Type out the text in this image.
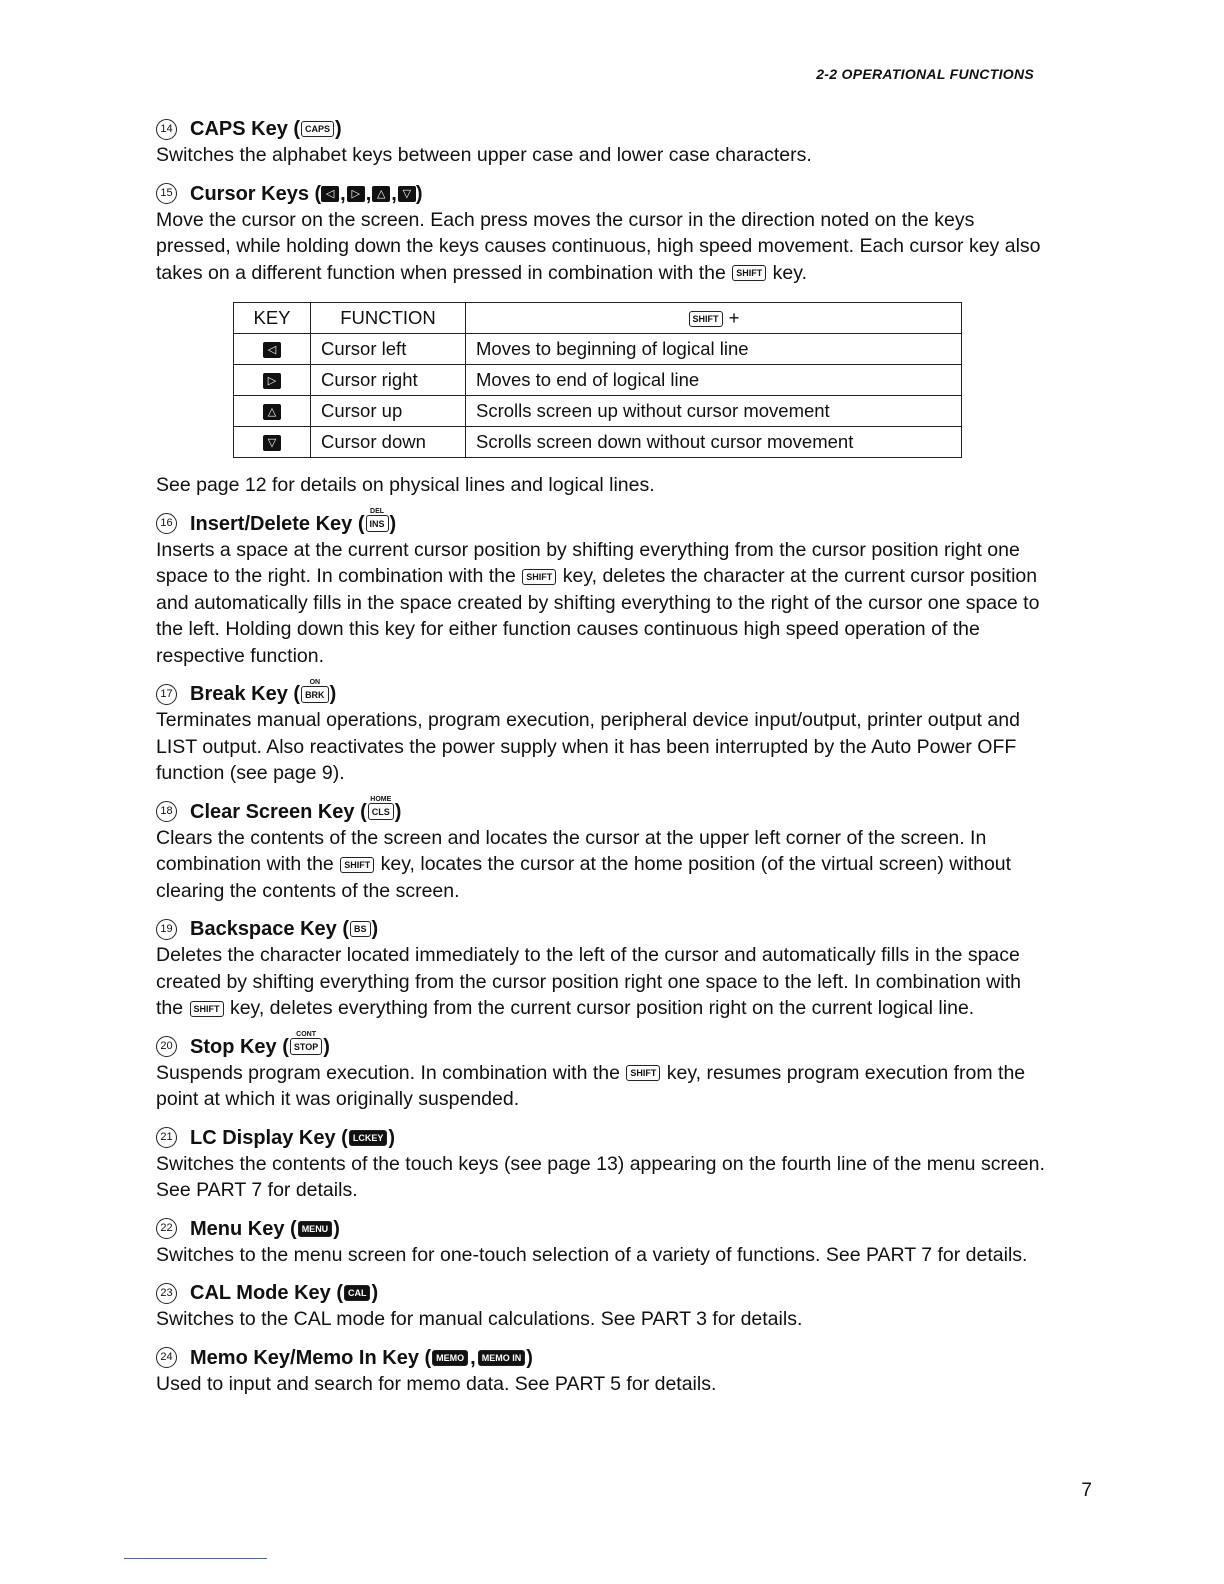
2-2 OPERATIONAL FUNCTIONS
14 CAPS Key ( CAPS )
Switches the alphabet keys between upper case and lower case characters.
15 Cursor Keys ( ◁ , ▷ , △ , ▽ )
Move the cursor on the screen. Each press moves the cursor in the direction noted on the keys pressed, while holding down the keys causes continuous, high speed movement. Each cursor key also takes on a different function when pressed in combination with the SHIFT key.
KEY	FUNCTION	SHIFT +
◁	Cursor left	Moves to beginning of logical line
▷	Cursor right	Moves to end of logical line
△	Cursor up	Scrolls screen up without cursor movement
▽	Cursor down	Scrolls screen down without cursor movement
See page 12 for details on physical lines and logical lines.
16 Insert/Delete Key (
DEL
INS )
Inserts a space at the current cursor position by shifting everything from the cursor position right one space to the right. In combination with the SHIFT key, deletes the character at the current cursor position and automatically fills in the space created by shifting everything to the right of the cursor one space to the left. Holding down this key for either function causes continuous high speed operation of the respective function.
17 Break Key (
ON
BRK )
Terminates manual operations, program execution, peripheral device input/output, printer output and LIST output. Also reactivates the power supply when it has been interrupted by the Auto Power OFF function (see page 9).
18 Clear Screen Key (
HOME
CLS )
Clears the contents of the screen and locates the cursor at the upper left corner of the screen. In combination with the SHIFT key, locates the cursor at the home position (of the virtual screen) without clearing the contents of the screen.
19 Backspace Key ( BS )
Deletes the character located immediately to the left of the cursor and automatically fills in the space created by shifting everything from the cursor position right one space to the left. In combination with the SHIFT key, deletes everything from the current cursor position right on the current logical line.
20 Stop Key (
CONT
STOP )
Suspends program execution. In combination with the SHIFT key, resumes program execution from the point at which it was originally suspended.
21 LC Display Key ( LCKEY )
Switches the contents of the touch keys (see page 13) appearing on the fourth line of the menu screen. See PART 7 for details.
22 Menu Key ( MENU )
Switches to the menu screen for one-touch selection of a variety of functions. See PART 7 for details.
23 CAL Mode Key ( CAL )
Switches to the CAL mode for manual calculations. See PART 3 for details.
24 Memo Key/Memo In Key ( MEMO , MEMO IN )
Used to input and search for memo data. See PART 5 for details.
7
